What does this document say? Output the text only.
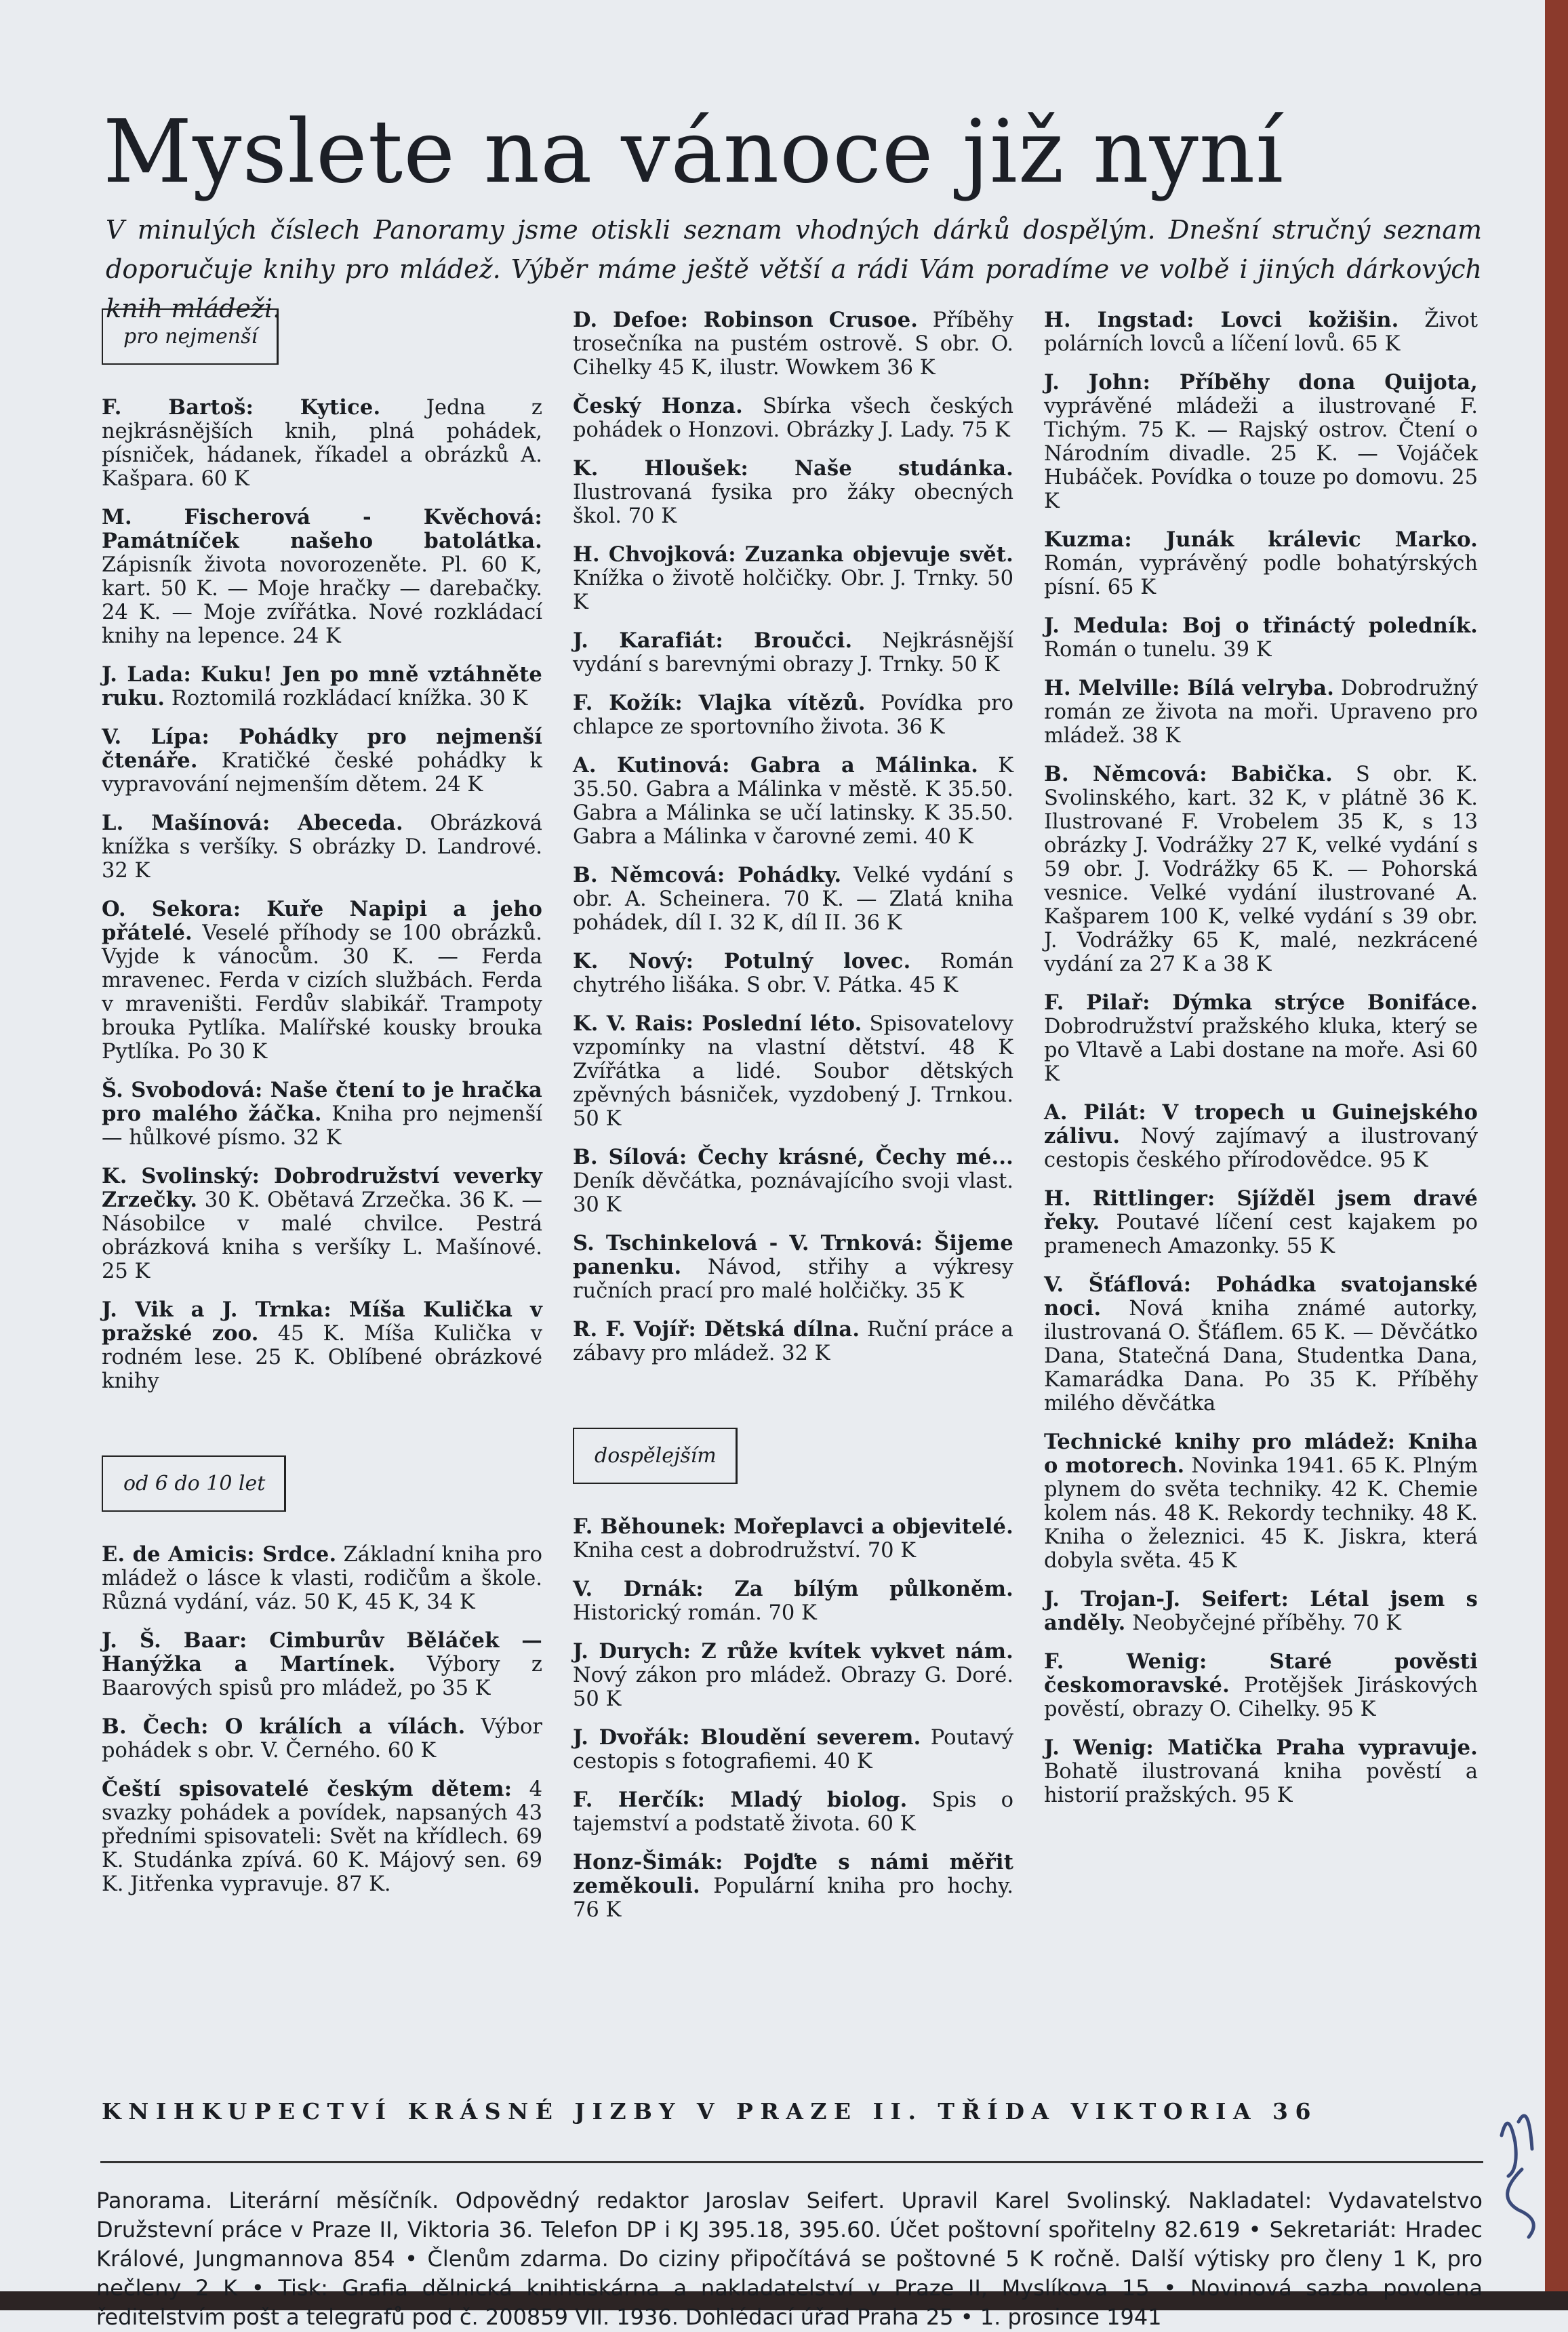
Myslete na vánoce již nyní

V minulých číslech Panoramy jsme otiskli seznam vhodných dárků dospělým. Dnešní stručný seznam doporučuje knihy pro mládež. Výběr máme ještě větší a rádi Vám poradíme ve volbě i jiných dárkových knih mládeži.

pro nejmenší

F. Bartoš: Kytice. Jedna z nejkrásnějších knih, plná pohádek, písniček, hádanek, říkadel a obrázků A. Kašpara. 60 K

M. Fischerová - Kvěchová: Památníček našeho batolátka. Zápisník života novorozeněte. Pl. 60 K, kart. 50 K. — Moje hračky — darebačky. 24 K. — Moje zvířátka. Nové rozkládací knihy na lepence. 24 K

J. Lada: Kuku! Jen po mně vztáhněte ruku. Roztomilá rozkládací knížka. 30 K

V. Lípa: Pohádky pro nejmenší čtenáře. Kratičké české pohádky k vypravování nejmenším dětem. 24 K

L. Mašínová: Abeceda. Obrázková knížka s veršíky. S obrázky D. Landrové. 32 K

O. Sekora: Kuře Napipi a jeho přátelé. Veselé příhody se 100 obrázků. Vyjde k vánocům. 30 K. — Ferda mravenec. Ferda v cizích službách. Ferda v mraveništi. Ferdův slabikář. Trampoty brouka Pytlíka. Malířské kousky brouka Pytlíka. Po 30 K

Š. Svobodová: Naše čtení to je hračka pro malého žáčka. Kniha pro nejmenší — hůlkové písmo. 32 K

K. Svolinský: Dobrodružství veverky Zrzečky. 30 K. Obětavá Zrzečka. 36 K. — Násobilce v malé chvilce. Pestrá obrázková kniha s veršíky L. Mašínové. 25 K

J. Vik a J. Trnka: Míša Kulička v pražské zoo. 45 K. Míša Kulička v rodném lese. 25 K. Oblíbené obrázkové knihy

od 6 do 10 let

E. de Amicis: Srdce. Základní kniha pro mládež o lásce k vlasti, rodičům a škole. Různá vydání, váz. 50 K, 45 K, 34 K

J. Š. Baar: Cimburův Běláček — Hanýžka a Martínek. Výbory z Baarových spisů pro mládež, po 35 K

B. Čech: O králích a vílách. Výbor pohádek s obr. V. Černého. 60 K

Čeští spisovatelé českým dětem: 4 svazky pohádek a povídek, napsaných 43 předními spisovateli: Svět na křídlech. 69 K. Studánka zpívá. 60 K. Májový sen. 69 K. Jitřenka vypravuje. 87 K.

D. Defoe: Robinson Crusoe. Příběhy trosečníka na pustém ostrově. S obr. O. Cihelky 45 K, ilustr. Wowkem 36 K

Český Honza. Sbírka všech českých pohádek o Honzovi. Obrázky J. Lady. 75 K

K. Hloušek: Naše studánka. Ilustrovaná fysika pro žáky obecných škol. 70 K

H. Chvojková: Zuzanka objevuje svět. Knížka o životě holčičky. Obr. J. Trnky. 50 K

J. Karafiát: Broučci. Nejkrásnější vydání s barevnými obrazy J. Trnky. 50 K

F. Kožík: Vlajka vítězů. Povídka pro chlapce ze sportovního života. 36 K

A. Kutinová: Gabra a Málinka. K 35.50. Gabra a Málinka v městě. K 35.50. Gabra a Málinka se učí latinsky. K 35.50. Gabra a Málinka v čarovné zemi. 40 K

B. Němcová: Pohádky. Velké vydání s obr. A. Scheinera. 70 K. — Zlatá kniha pohádek, díl I. 32 K, díl II. 36 K

K. Nový: Potulný lovec. Román chytrého lišáka. S obr. V. Pátka. 45 K

K. V. Rais: Poslední léto. Spisovatelovy vzpomínky na vlastní dětství. 48 K Zvířátka a lidé. Soubor dětských zpěvných básniček, vyzdobený J. Trnkou. 50 K

B. Sílová: Čechy krásné, Čechy mé... Deník děvčátka, poznávajícího svoji vlast. 30 K

S. Tschinkelová - V. Trnková: Šijeme panenku. Návod, střihy a výkresy ručních prací pro malé holčičky. 35 K

R. F. Vojíř: Dětská dílna. Ruční práce a zábavy pro mládež. 32 K

dospělejším

F. Běhounek: Mořeplavci a objevitelé. Kniha cest a dobrodružství. 70 K

V. Drnák: Za bílým půlkoněm. Historický román. 70 K

J. Durych: Z růže kvítek vykvet nám. Nový zákon pro mládež. Obrazy G. Doré. 50 K

J. Dvořák: Bloudění severem. Poutavý cestopis s fotografiemi. 40 K

F. Herčík: Mladý biolog. Spis o tajemství a podstatě života. 60 K

Honz-Šimák: Pojďte s námi měřit zeměkouli. Populární kniha pro hochy. 76 K

H. Ingstad: Lovci kožišin. Život polárních lovců a líčení lovů. 65 K

J. John: Příběhy dona Quijota, vyprávěné mládeži a ilustrované F. Tichým. 75 K. — Rajský ostrov. Čtení o Národním divadle. 25 K. — Vojáček Hubáček. Povídka o touze po domovu. 25 K

Kuzma: Junák králevic Marko. Román, vyprávěný podle bohatýrských písní. 65 K

J. Medula: Boj o třináctý poledník. Román o tunelu. 39 K

H. Melville: Bílá velryba. Dobrodružný román ze života na moři. Upraveno pro mládež. 38 K

B. Němcová: Babička. S obr. K. Svolinského, kart. 32 K, v plátně 36 K. Ilustrované F. Vrobelem 35 K, s 13 obrázky J. Vodrážky 27 K, velké vydání s 59 obr. J. Vodrážky 65 K. — Pohorská vesnice. Velké vydání ilustrované A. Kašparem 100 K, velké vydání s 39 obr. J. Vodrážky 65 K, malé, nezkrácené vydání za 27 K a 38 K

F. Pilař: Dýmka strýce Bonifáce. Dobrodružství pražského kluka, který se po Vltavě a Labi dostane na moře. Asi 60 K

A. Pilát: V tropech u Guinejského zálivu. Nový zajímavý a ilustrovaný cestopis českého přírodovědce. 95 K

H. Rittlinger: Sjížděl jsem dravé řeky. Poutavé líčení cest kajakem po pramenech Amazonky. 55 K

V. Šťáflová: Pohádka svatojanské noci. Nová kniha známé autorky, ilustrovaná O. Šťáflem. 65 K. — Děvčátko Dana, Statečná Dana, Studentka Dana, Kamarádka Dana. Po 35 K. Příběhy milého děvčátka

Technické knihy pro mládež: Kniha o motorech. Novinka 1941. 65 K. Plným plynem do světa techniky. 42 K. Chemie kolem nás. 48 K. Rekordy techniky. 48 K. Kniha o železnici. 45 K. Jiskra, která dobyla světa. 45 K

J. Trojan-J. Seifert: Létal jsem s anděly. Neobyčejné příběhy. 70 K

F. Wenig: Staré pověsti českomoravské. Protějšek Jiráskových pověstí, obrazy O. Cihelky. 95 K

J. Wenig: Matička Praha vypravuje. Bohatě ilustrovaná kniha pověstí a historií pražských. 95 K

KNIHKUPECTVÍ KRÁSNÉ JIZBY V PRAZE II. TŘÍDA VIKTORIA 36

Panorama. Literární měsíčník. Odpovědný redaktor Jaroslav Seifert. Upravil Karel Svolinský. Nakladatel: Vydavatelstvo Družstevní práce v Praze II, Viktoria 36. Telefon DP i KJ 395.18, 395.60. Účet poštovní spořitelny 82.619 • Sekretariát: Hradec Králové, Jungmannova 854 • Členům zdarma. Do ciziny připočítává se poštovné 5 K ročně. Další výtisky pro členy 1 K, pro nečleny 2 K • Tisk: Grafia dělnická knihtiskárna a nakladatelství v Praze II, Myslíkova 15 • Novinová sazba povolena ředitelstvím pošt a telegrafů pod č. 200859 VII. 1936. Dohlédací úřad Praha 25 • 1. prosince 1941
